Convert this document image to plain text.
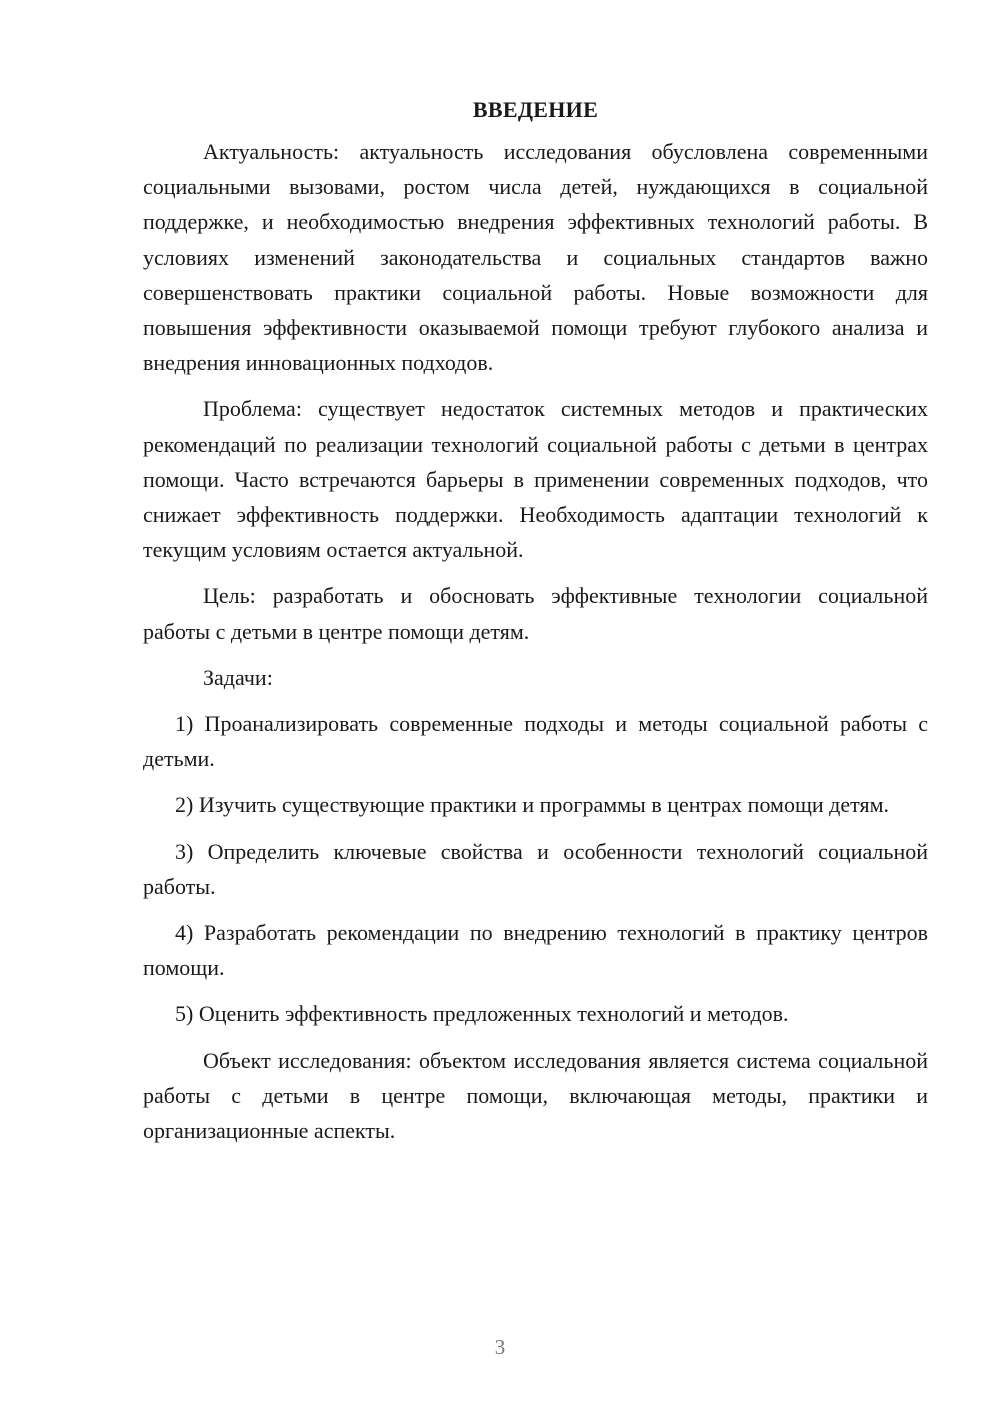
ВВЕДЕНИЕ

Актуальность: актуальность исследования обусловлена современными социальными вызовами, ростом числа детей, нуждающихся в социальной поддержке, и необходимостью внедрения эффективных технологий работы. В условиях изменений законодательства и социальных стандартов важно совершенствовать практики социальной работы. Новые возможности для повышения эффективности оказываемой помощи требуют глубокого анализа и внедрения инновационных подходов.

Проблема: существует недостаток системных методов и практических рекомендаций по реализации технологий социальной работы с детьми в центрах помощи. Часто встречаются барьеры в применении современных подходов, что снижает эффективность поддержки. Необходимость адаптации технологий к текущим условиям остается актуальной.

Цель: разработать и обосновать эффективные технологии социальной работы с детьми в центре помощи детям.

Задачи:

1) Проанализировать современные подходы и методы социальной работы с детьми.

2) Изучить существующие практики и программы в центрах помощи детям.

3) Определить ключевые свойства и особенности технологий социальной работы.

4) Разработать рекомендации по внедрению технологий в практику центров помощи.

5) Оценить эффективность предложенных технологий и методов.

Объект исследования: объектом исследования является система социальной работы с детьми в центре помощи, включающая методы, практики и организационные аспекты.

3
